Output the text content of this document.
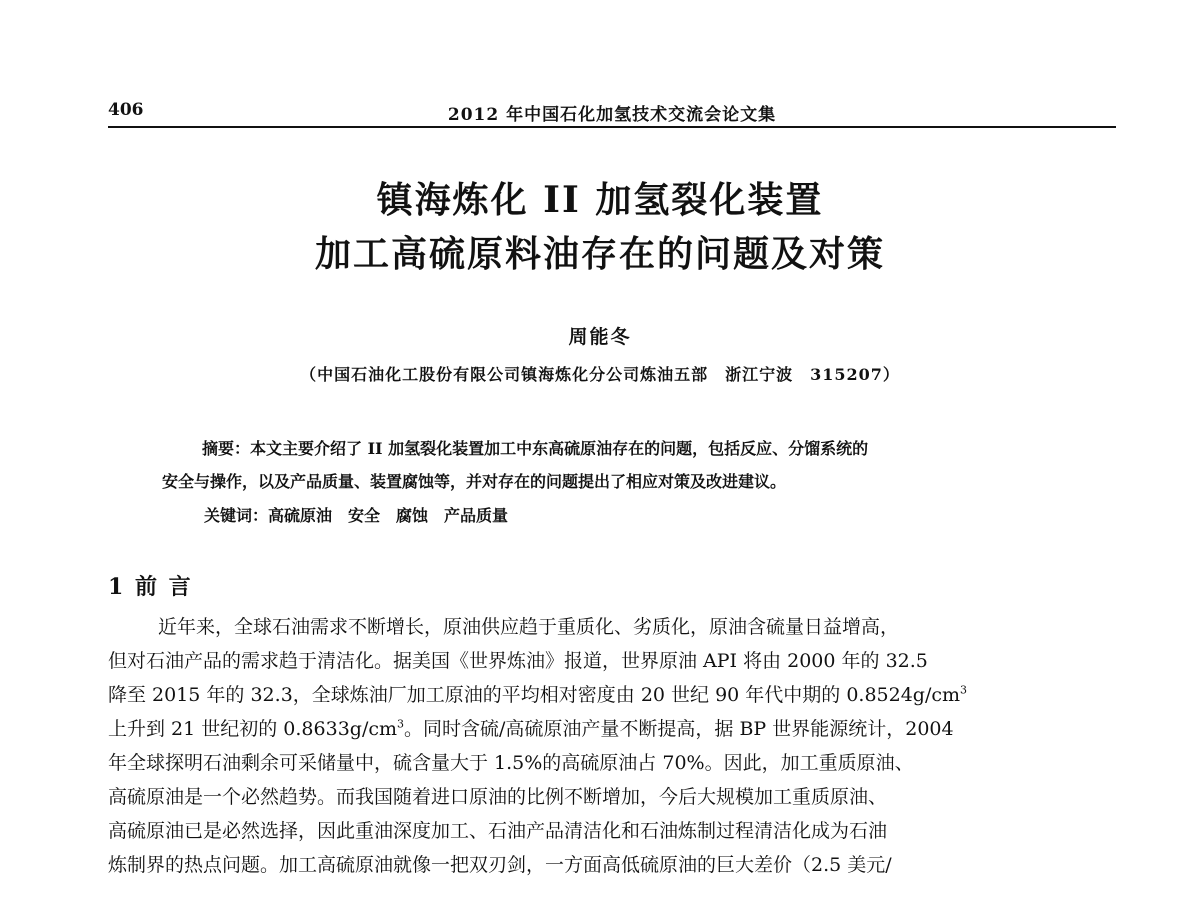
406	2012 年中国石化加氢技术交流会论文集
镇海炼化 II 加氢裂化装置
加工高硫原料油存在的问题及对策
周能冬
（中国石油化工股份有限公司镇海炼化分公司炼油五部　浙江宁波　315207）
摘要：本文主要介绍了 II 加氢裂化装置加工中东高硫原油存在的问题，包括反应、分馏系统的
安全与操作，以及产品质量、装置腐蚀等，并对存在的问题提出了相应对策及改进建议。
关键词：高硫原油　安全　腐蚀　产品质量
1 前 言
近年来，全球石油需求不断增长，原油供应趋于重质化、劣质化，原油含硫量日益增高，
但对石油产品的需求趋于清洁化。据美国《世界炼油》报道，世界原油 API 将由 2000 年的 32.5
降至 2015 年的 32.3，全球炼油厂加工原油的平均相对密度由 20 世纪 90 年代中期的 $0.8524g/cm^3$
上升到 21 世纪初的 $0.8633g/cm^3$。同时含硫/高硫原油产量不断提高，据 BP 世界能源统计，2004
年全球探明石油剩余可采储量中，硫含量大于 1.5%的高硫原油占 70%。因此，加工重质原油、
高硫原油是一个必然趋势。而我国随着进口原油的比例不断增加，今后大规模加工重质原油、
高硫原油已是必然选择，因此重油深度加工、石油产品清洁化和石油炼制过程清洁化成为石油
炼制界的热点问题。加工高硫原油就像一把双刃剑，一方面高低硫原油的巨大差价（2.5 美元/
